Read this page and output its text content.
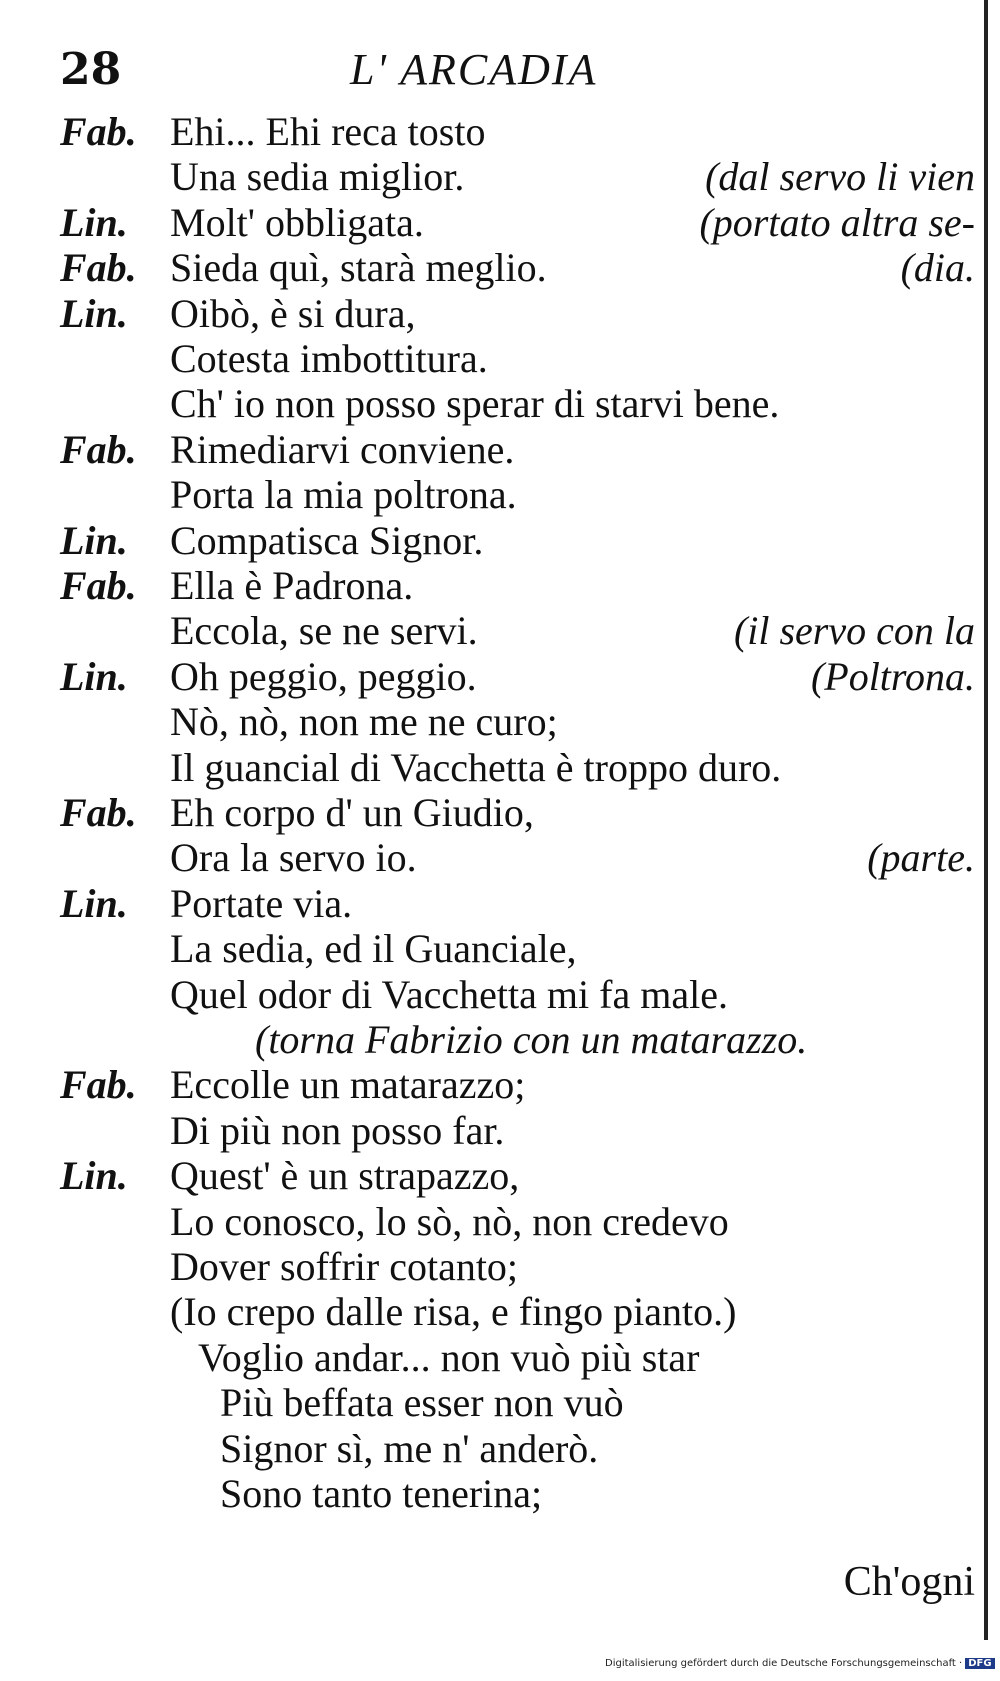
28	L' ARCADIA
Fab. Ehi... Ehi reca tosto
Una sedia miglior.	(dal servo li vien
Lin. Molt' obbligata.	(portato altra se-
Fab. Sieda quì, starà meglio.	(dia.
Lin. Oibò, è si dura,
Cotesta imbottitura.
Ch' io non posso sperar di starvi bene.
Fab. Rimediarvi conviene.
Porta la mia poltrona.
Lin. Compatisca Signor.
Fab. Ella è Padrona.
Eccola, se ne servi.	(il servo con la
Lin. Oh peggio, peggio.	(Poltrona.
Nò, nò, non me ne curo;
Il guancial di Vacchetta è troppo duro.
Fab. Eh corpo d' un Giudio,
Ora la servo io.	(parte.
Lin. Portate via.
La sedia, ed il Guanciale,
Quel odor di Vacchetta mi fa male.
(torna Fabrizio con un matarazzo.
Fab. Eccolle un matarazzo;
Di più non posso far.
Lin. Quest' è un strapazzo,
Lo conosco, lo sò, nò, non credevo
Dover soffrir cotanto;
(Io crepo dalle risa, e fingo pianto.)
Voglio andar... non vuò più star
Più beffata esser non vuò
Signor sì, me n' anderò.
Sono tanto tenerina;
Ch'ogni
Digitalisierung gefördert durch die Deutsche Forschungsgemeinschaft · DFG
